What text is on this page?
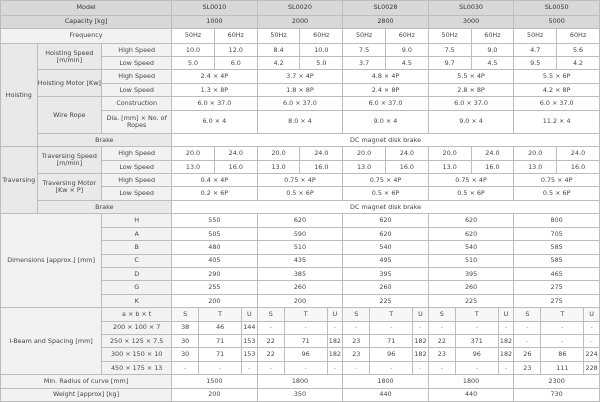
Model			SL0010				SL0020				SL0028				SL0030				SL0050			
Capacity [kg]			1000				2000				2800				3000				5000			
Frequency			50Hz		60Hz		50Hz		60Hz		50Hz		60Hz		50Hz		60Hz		50Hz		60Hz	
Hoisting	Hoisting Speed [m/min]	High Speed	10.0		12.0		8.4		10.0		7.5		9.0		7.5		9.0		4.7		5.6	
		Low Speed	5.0		6.0		4.2		5.0		3.7		4.5		9.7		4.5		9.5		4.2	
	Hoisting Motor [Kw]	High Speed	2.4 × 4P				3.7 × 4P				4.8 × 4P				5.5 × 4P				5.5 × 6P			
		Low Speed	1.3 × 8P				1.8 × 8P				2.4 × 8P				2.8 × 8P				4.2 × 8P			
	Wire Rope	Construction	6.0 × 37.0				6.0 × 37.0				6.0 × 37.0				6.0 × 37.0				6.0 × 37.0			
		Dia. [mm] × No. of Ropes	6.0 × 4				8.0 × 4				9.0 × 4				9.0 × 4				11.2 × 4			
	Brake		DC magnet disk brake																			
Traversing	Traversing Speed [m/min]	High Speed	20.0		24.0		20.0		24.0		20.0		24.0		20.0		24.0		20.0		24.0	
		Low Speed	13.0		16.0		13.0		16.0		13.0		16.0		13.0		16.0		13.0		16.0	
	Traversing Motor [Kw × P]	High Speed	0.4 × 4P				0.75 × 4P				0.75 × 4P				0.75 × 4P				0.75 × 4P			
		Low Speed	0.2 × 6P				0.5 × 6P				0.5 × 6P				0.5 × 6P				0.5 × 6P			
	Brake		DC magnet disk brake																			
Dimensions [approx.] [mm]		H	550				620				620				620				800			
		A	505				590				620				620				705			
		B	480				510				540				540				585			
		C	405				435				495				510				585			
		D	290				385				395				395				465			
		G	255				260				260				260				275			
		K	200				200				225				225				275			
I-Beam and Spacing [mm]		a × b × t	S	T		U	S	T		U	S	T		U	S	T		U	S	T		U
		200 × 100 × 7	38	46		144	-	-		-	-	-		-	-	-		-	-	-		-
		250 × 125 × 7.5	30	71		153	22	71		182	23	71		182	22	371		182	-	-		-
		300 × 150 × 10	30	71		153	22	96		182	23	96		182	23	96		182	26	86		224
		450 × 175 × 13	-	-		-	-	-		-	-	-		-	-	-		-	23	111		228
Min. Radius of curve [mm]			1500				1800				1800				1800				2300			
Weight [approx] [kg]			200				350				440				440				730			
